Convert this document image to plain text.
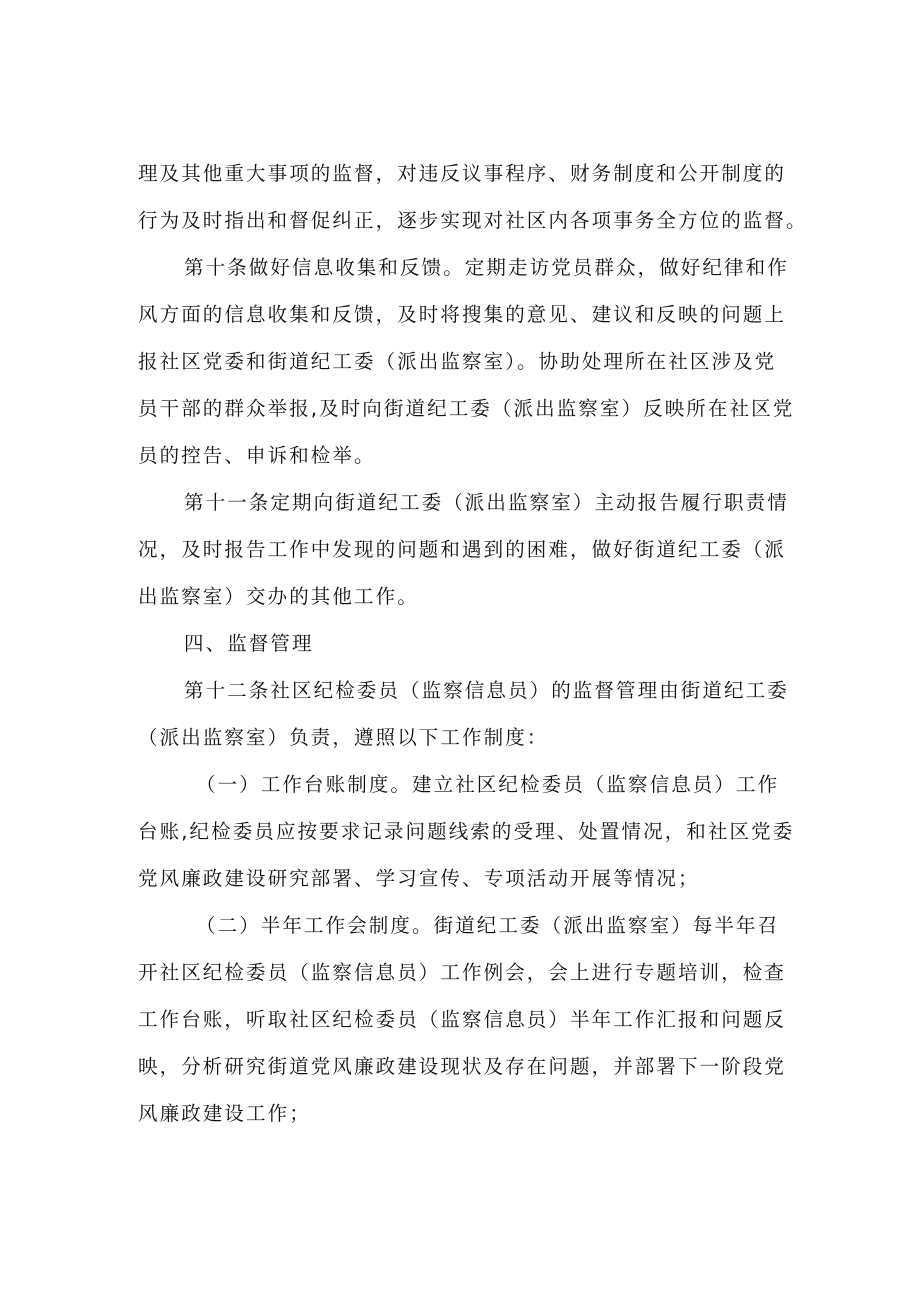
理及其他重大事项的监督，对违反议事程序、财务制度和公开制度的
行为及时指出和督促纠正，逐步实现对社区内各项事务全方位的监督。
第十条做好信息收集和反馈。定期走访党员群众，做好纪律和作
风方面的信息收集和反馈，及时将搜集的意见、建议和反映的问题上
报社区党委和街道纪工委（派出监察室）。协助处理所在社区涉及党
员干部的群众举报,及时向街道纪工委（派出监察室）反映所在社区党
员的控告、申诉和检举。
第十一条定期向街道纪工委（派出监察室）主动报告履行职责情
况，及时报告工作中发现的问题和遇到的困难，做好街道纪工委（派
出监察室）交办的其他工作。
四、监督管理
第十二条社区纪检委员（监察信息员）的监督管理由街道纪工委
（派出监察室）负责，遵照以下工作制度：
（一）工作台账制度。建立社区纪检委员（监察信息员）工作
台账,纪检委员应按要求记录问题线索的受理、处置情况，和社区党委
党风廉政建设研究部署、学习宣传、专项活动开展等情况；
（二）半年工作会制度。街道纪工委（派出监察室）每半年召
开社区纪检委员（监察信息员）工作例会，会上进行专题培训，检查
工作台账，听取社区纪检委员（监察信息员）半年工作汇报和问题反
映，分析研究街道党风廉政建设现状及存在问题，并部署下一阶段党
风廉政建设工作；
